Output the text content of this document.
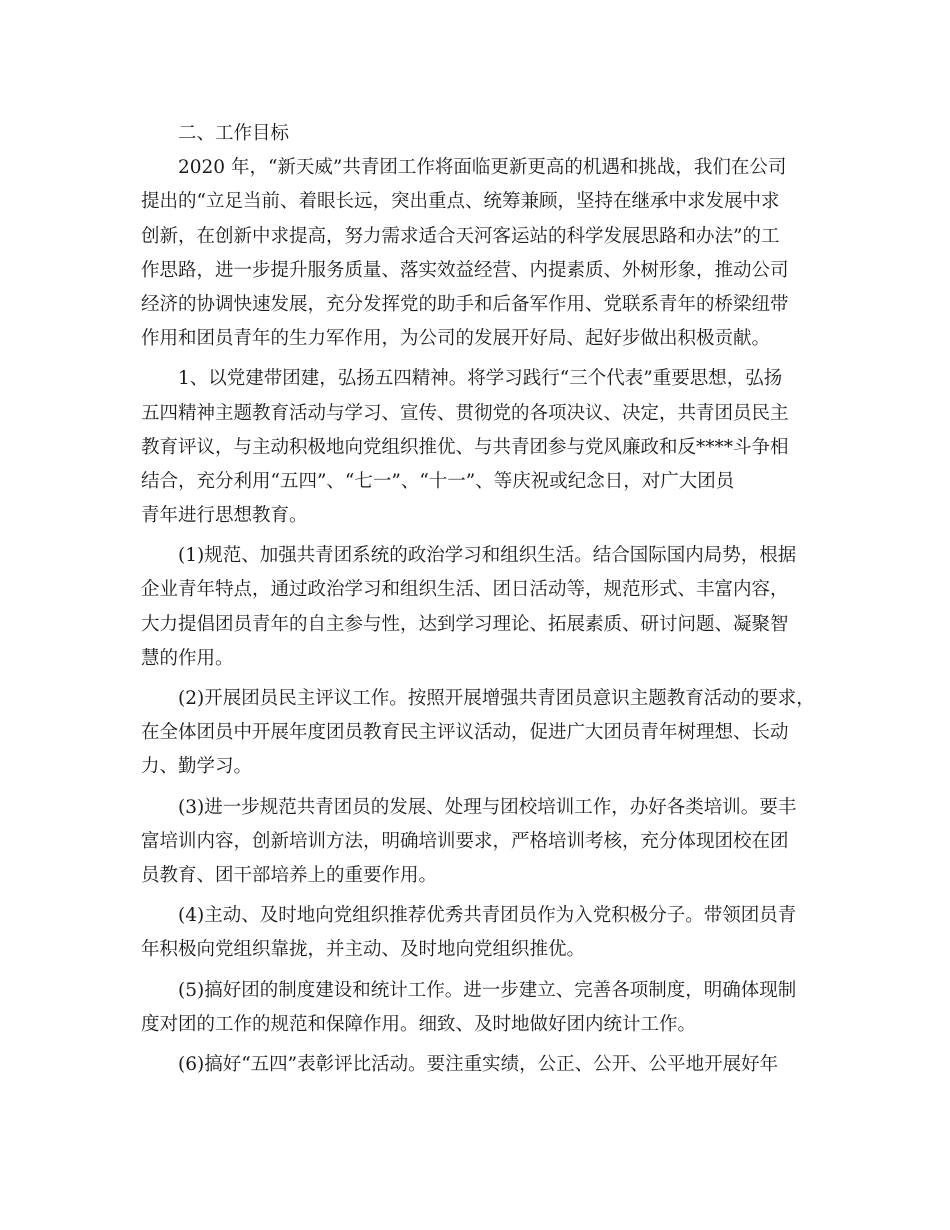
二、工作目标
2020 年，“新天威”共青团工作将面临更新更高的机遇和挑战，我们在公司
提出的“立足当前、着眼长远，突出重点、统筹兼顾，坚持在继承中求发展中求
创新，在创新中求提高，努力需求适合天河客运站的科学发展思路和办法”的工
作思路，进一步提升服务质量、落实效益经营、内提素质、外树形象，推动公司
经济的协调快速发展，充分发挥党的助手和后备军作用、党联系青年的桥梁纽带
作用和团员青年的生力军作用，为公司的发展开好局、起好步做出积极贡献。
1、以党建带团建，弘扬五四精神。将学习践行“三个代表”重要思想，弘扬
五四精神主题教育活动与学习、宣传、贯彻党的各项决议、决定，共青团员民主
教育评议，与主动积极地向党组织推优、与共青团参与党风廉政和反****斗争相
结合，充分利用“五四”、“七一”、“十一”、等庆祝或纪念日，对广大团员
青年进行思想教育。
(1)规范、加强共青团系统的政治学习和组织生活。结合国际国内局势，根据
企业青年特点，通过政治学习和组织生活、团日活动等，规范形式、丰富内容，
大力提倡团员青年的自主参与性，达到学习理论、拓展素质、研讨问题、凝聚智
慧的作用。
(2)开展团员民主评议工作。按照开展增强共青团员意识主题教育活动的要求，
在全体团员中开展年度团员教育民主评议活动，促进广大团员青年树理想、长动
力、勤学习。
(3)进一步规范共青团员的发展、处理与团校培训工作，办好各类培训。要丰
富培训内容，创新培训方法，明确培训要求，严格培训考核，充分体现团校在团
员教育、团干部培养上的重要作用。
(4)主动、及时地向党组织推荐优秀共青团员作为入党积极分子。带领团员青
年积极向党组织靠拢，并主动、及时地向党组织推优。
(5)搞好团的制度建设和统计工作。进一步建立、完善各项制度，明确体现制
度对团的工作的规范和保障作用。细致、及时地做好团内统计工作。
(6)搞好“五四”表彰评比活动。要注重实绩，公正、公开、公平地开展好年
